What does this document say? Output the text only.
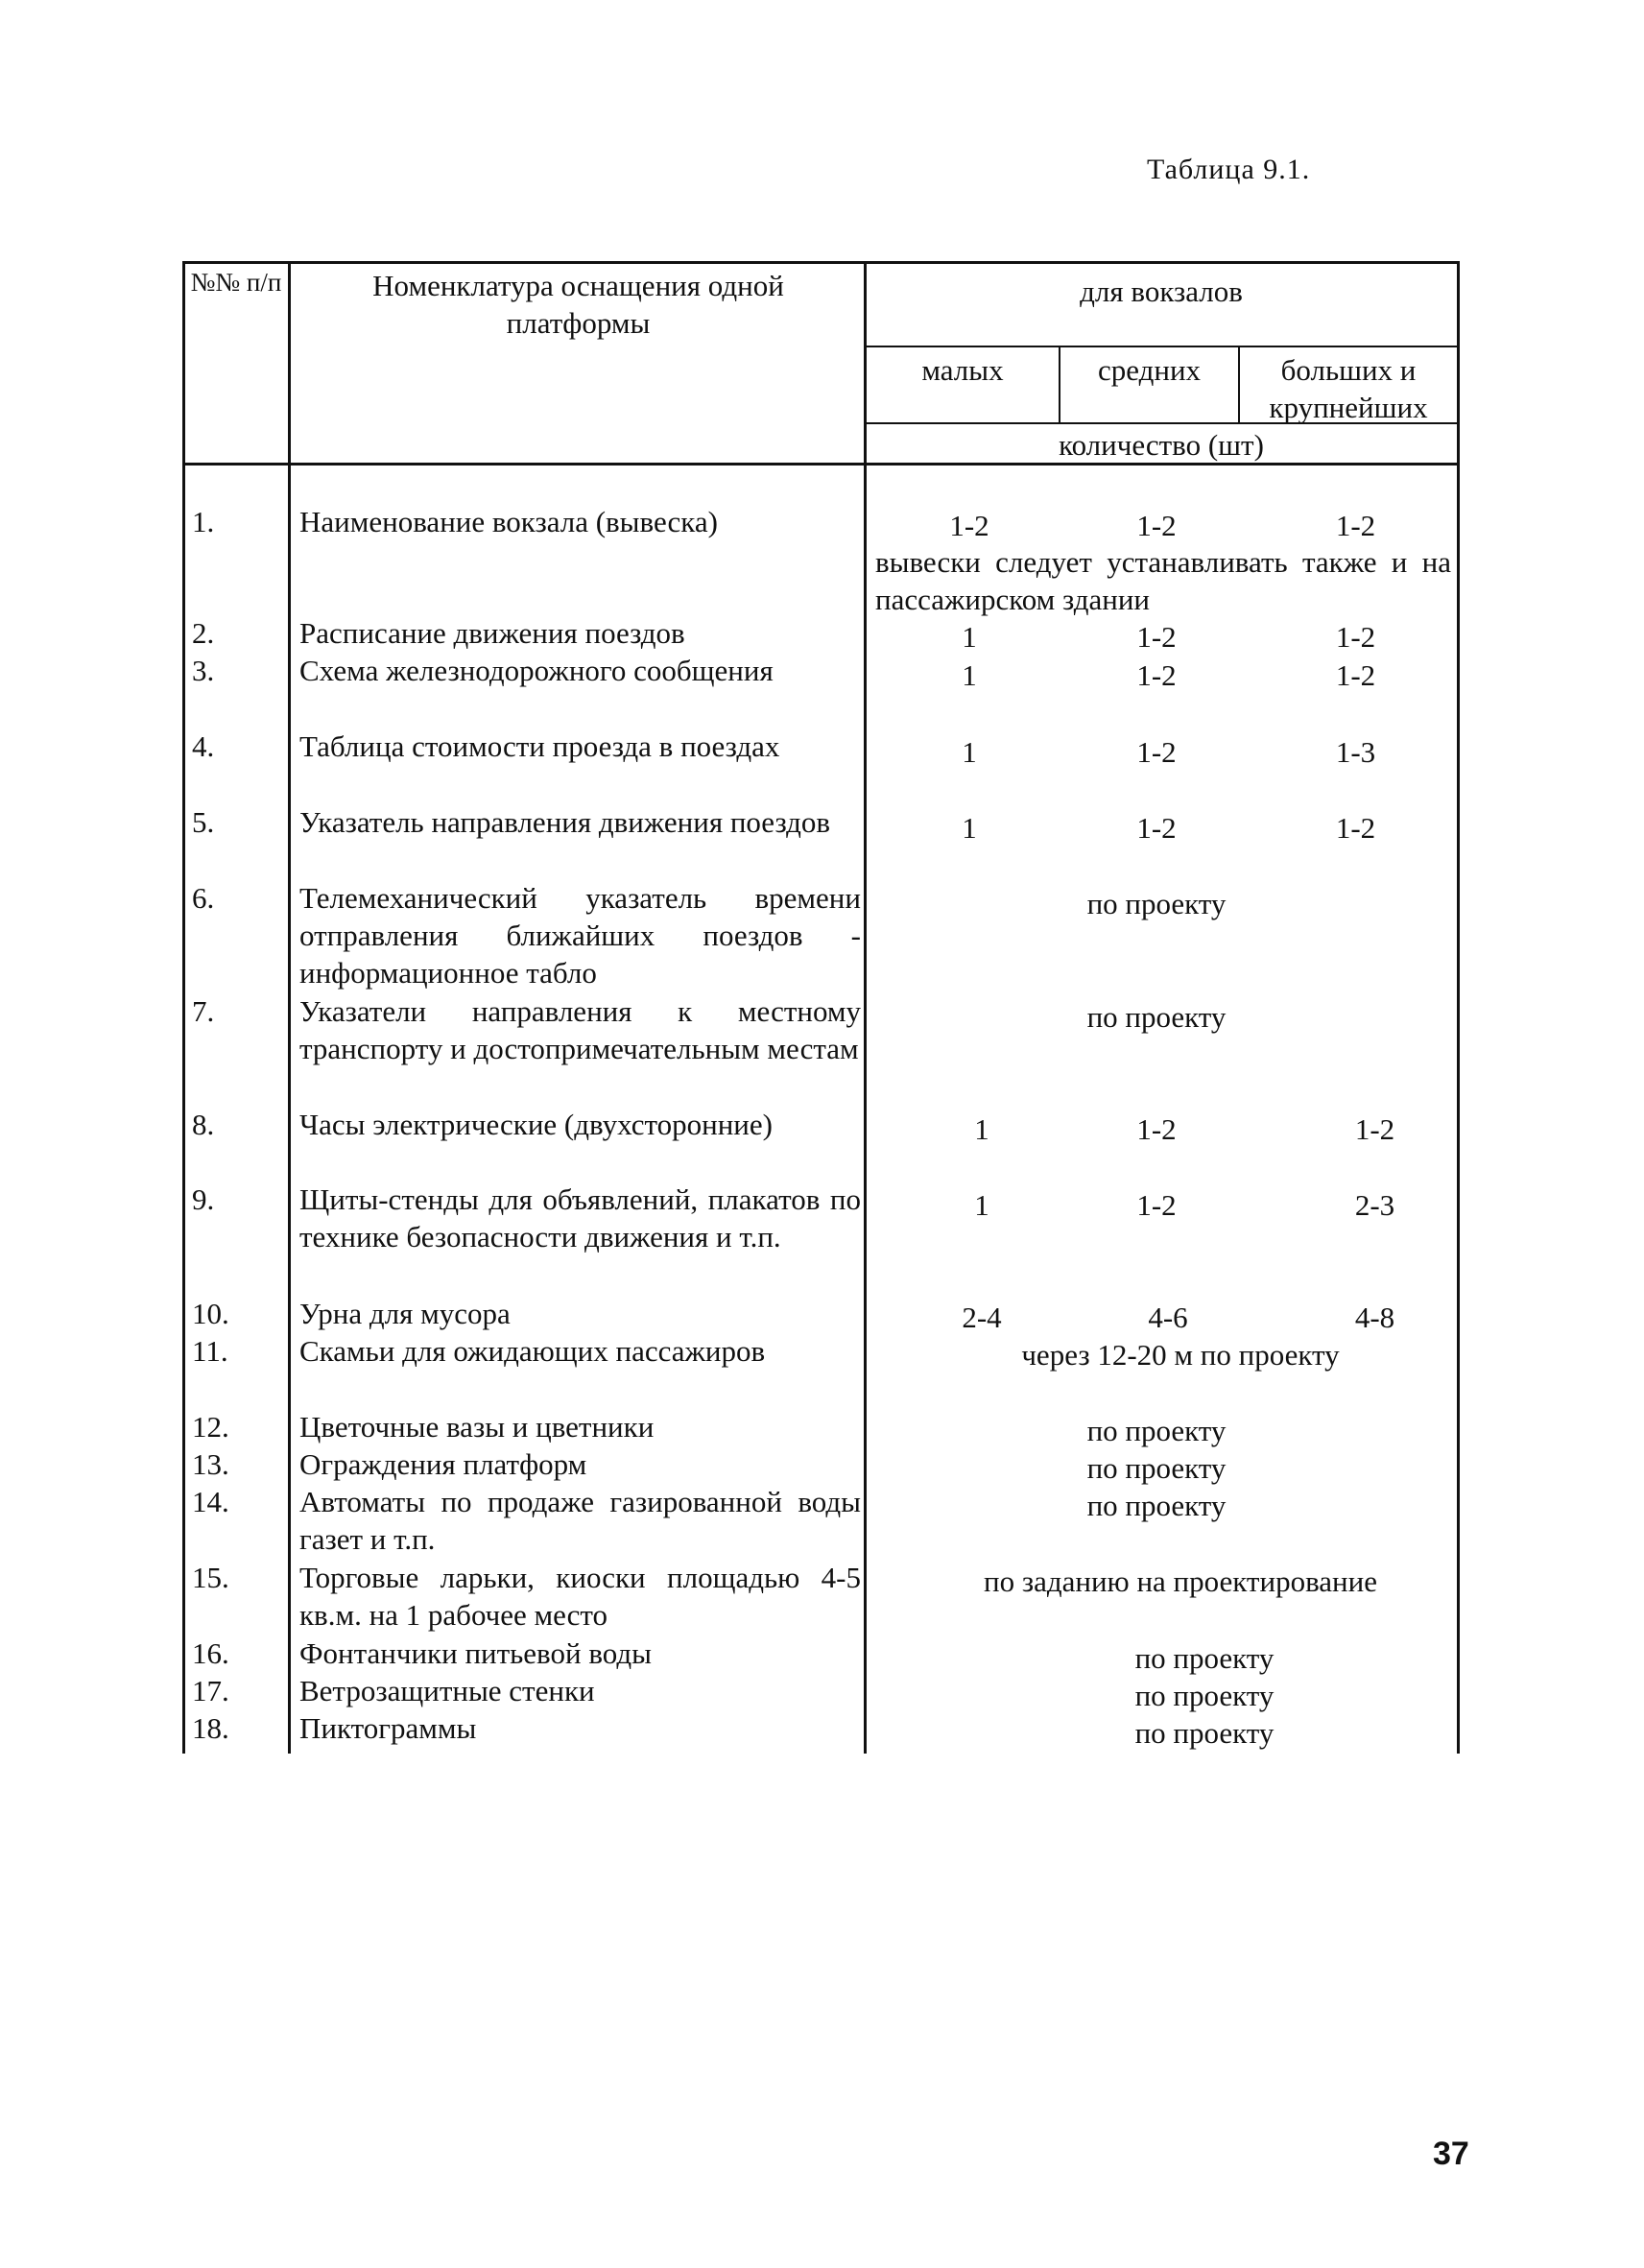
Таблица 9.1.
№№ п/п	Номенклатура оснащения одной платформы
для вокзалов
малых	средних	больших и крупнейших
количество (шт)
1.	Наименование вокзала (вывеска)	1-2	1-2	1-2
вывески следует устанавливать также и на пассажирском здании
2.	Расписание движения поездов	1	1-2	1-2
3.	Схема железнодорожного сообщения	1	1-2	1-2
4.	Таблица стоимости проезда в поездах	1	1-2	1-3
5.	Указатель направления движения поездов	1	1-2	1-2
6.	Телемеханический указатель времени отправления ближайших поездов - информационное табло
по проекту
7.	Указатели направления к местному транспорту и достопримечательным местам
по проекту
8.	Часы электрические (двухсторонние)	1	1-2	1-2
9.	Щиты-стенды для объявлений, плакатов по технике безопасности движения и т.п.
1	1-2	2-3
10.	Урна для мусора	2-4	4-6	4-8
11.	Скамьи для ожидающих пассажиров	через 12-20 м по проекту
12.	Цветочные вазы и цветники	по проекту
13.	Ограждения платформ	по проекту
14.	Автоматы по продаже газированной воды газет и т.п.
по проекту
15.	Торговые ларьки, киоски площадью 4-5 кв.м. на 1 рабочее место
по заданию на проектирование
16.	Фонтанчики питьевой воды	по проекту
17.	Ветрозащитные стенки	по проекту
18.	Пиктограммы	по проекту
37
